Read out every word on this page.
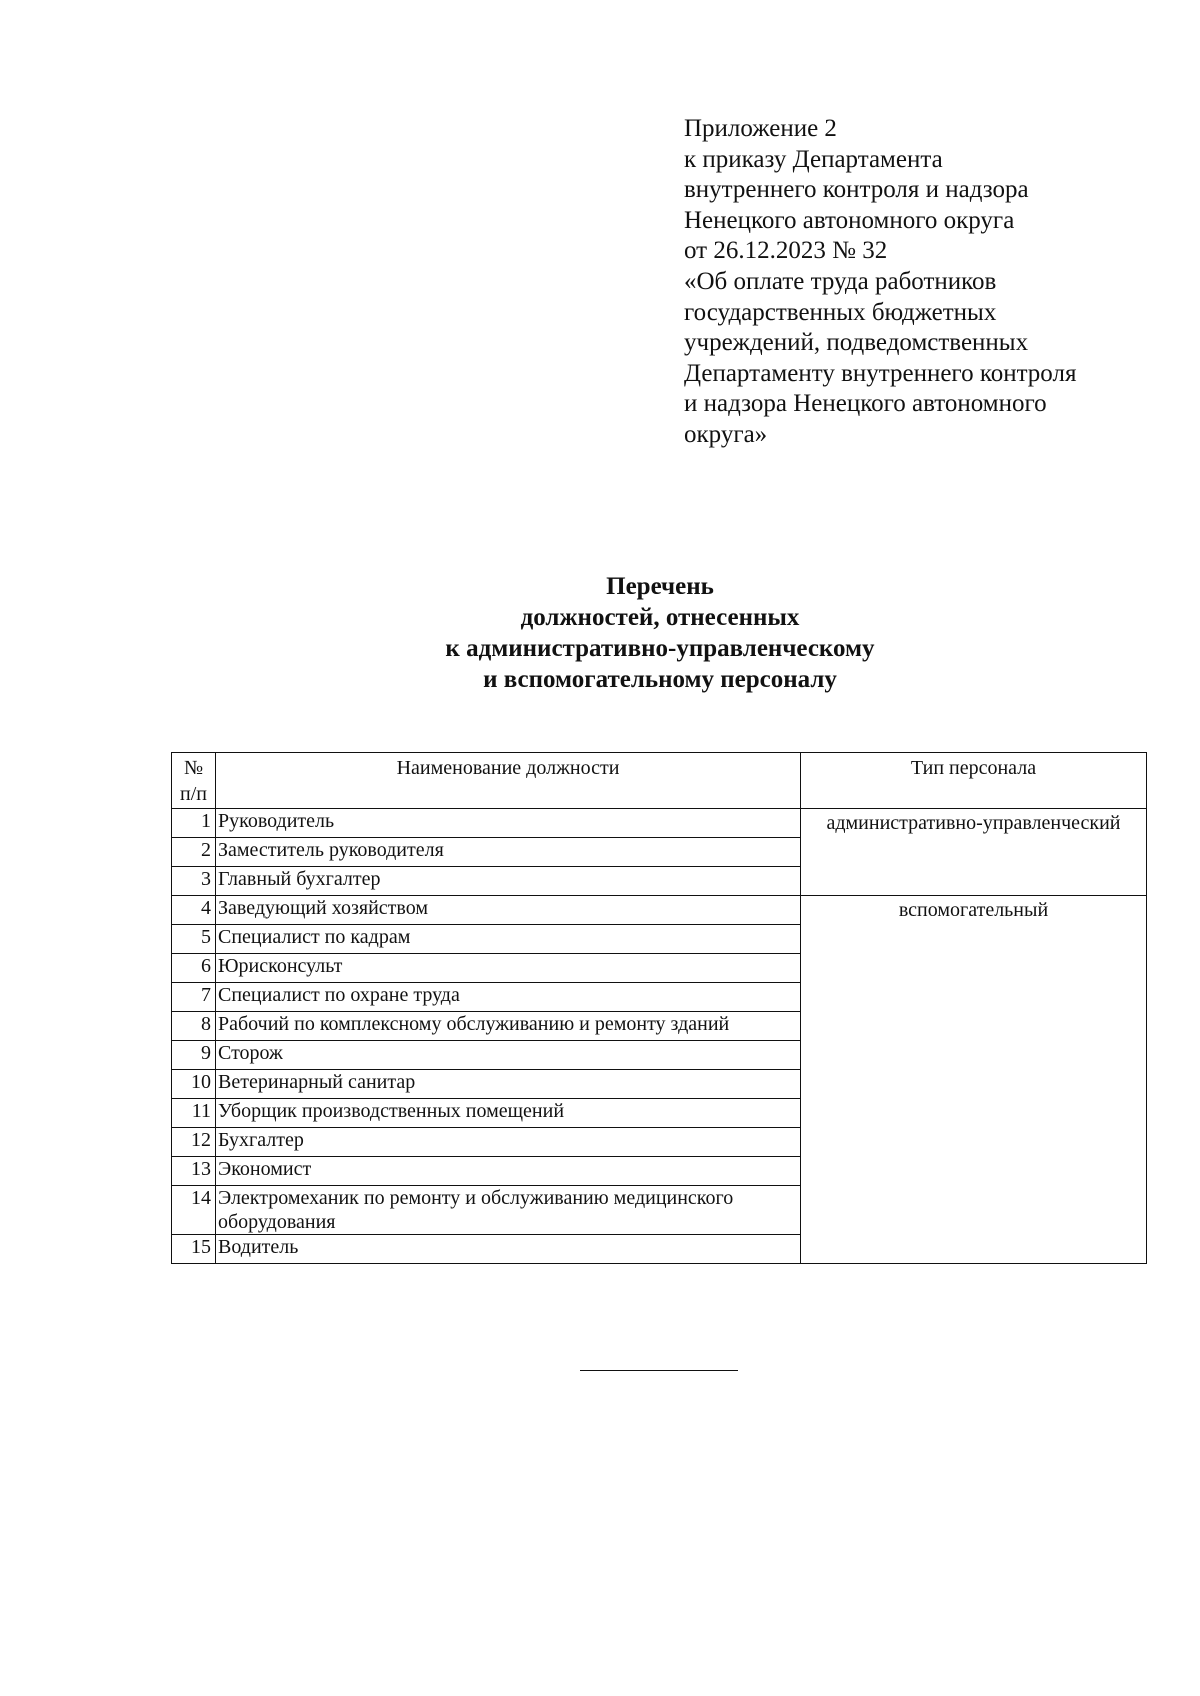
Приложение 2
к приказу Департамента
внутреннего контроля и надзора
Ненецкого автономного округа
от 26.12.2023 № 32
«Об оплате труда работников
государственных бюджетных
учреждений, подведомственных
Департаменту внутреннего контроля
и надзора Ненецкого автономного
округа»
Перечень
должностей, отнесенных
к административно-управленческому
и вспомогательному персоналу
№ п/п	Наименование должности	Тип персонала
1	Руководитель	административно-управленческий
2	Заместитель руководителя	
3	Главный бухгалтер	
4	Заведующий хозяйством	вспомогательный
5	Специалист по кадрам	
6	Юрисконсульт	
7	Специалист по охране труда	
8	Рабочий по комплексному обслуживанию и ремонту зданий	
9	Сторож	
10	Ветеринарный санитар	
11	Уборщик производственных помещений	
12	Бухгалтер	
13	Экономист	
14	Электромеханик по ремонту и обслуживанию медицинского оборудования	
15	Водитель	
